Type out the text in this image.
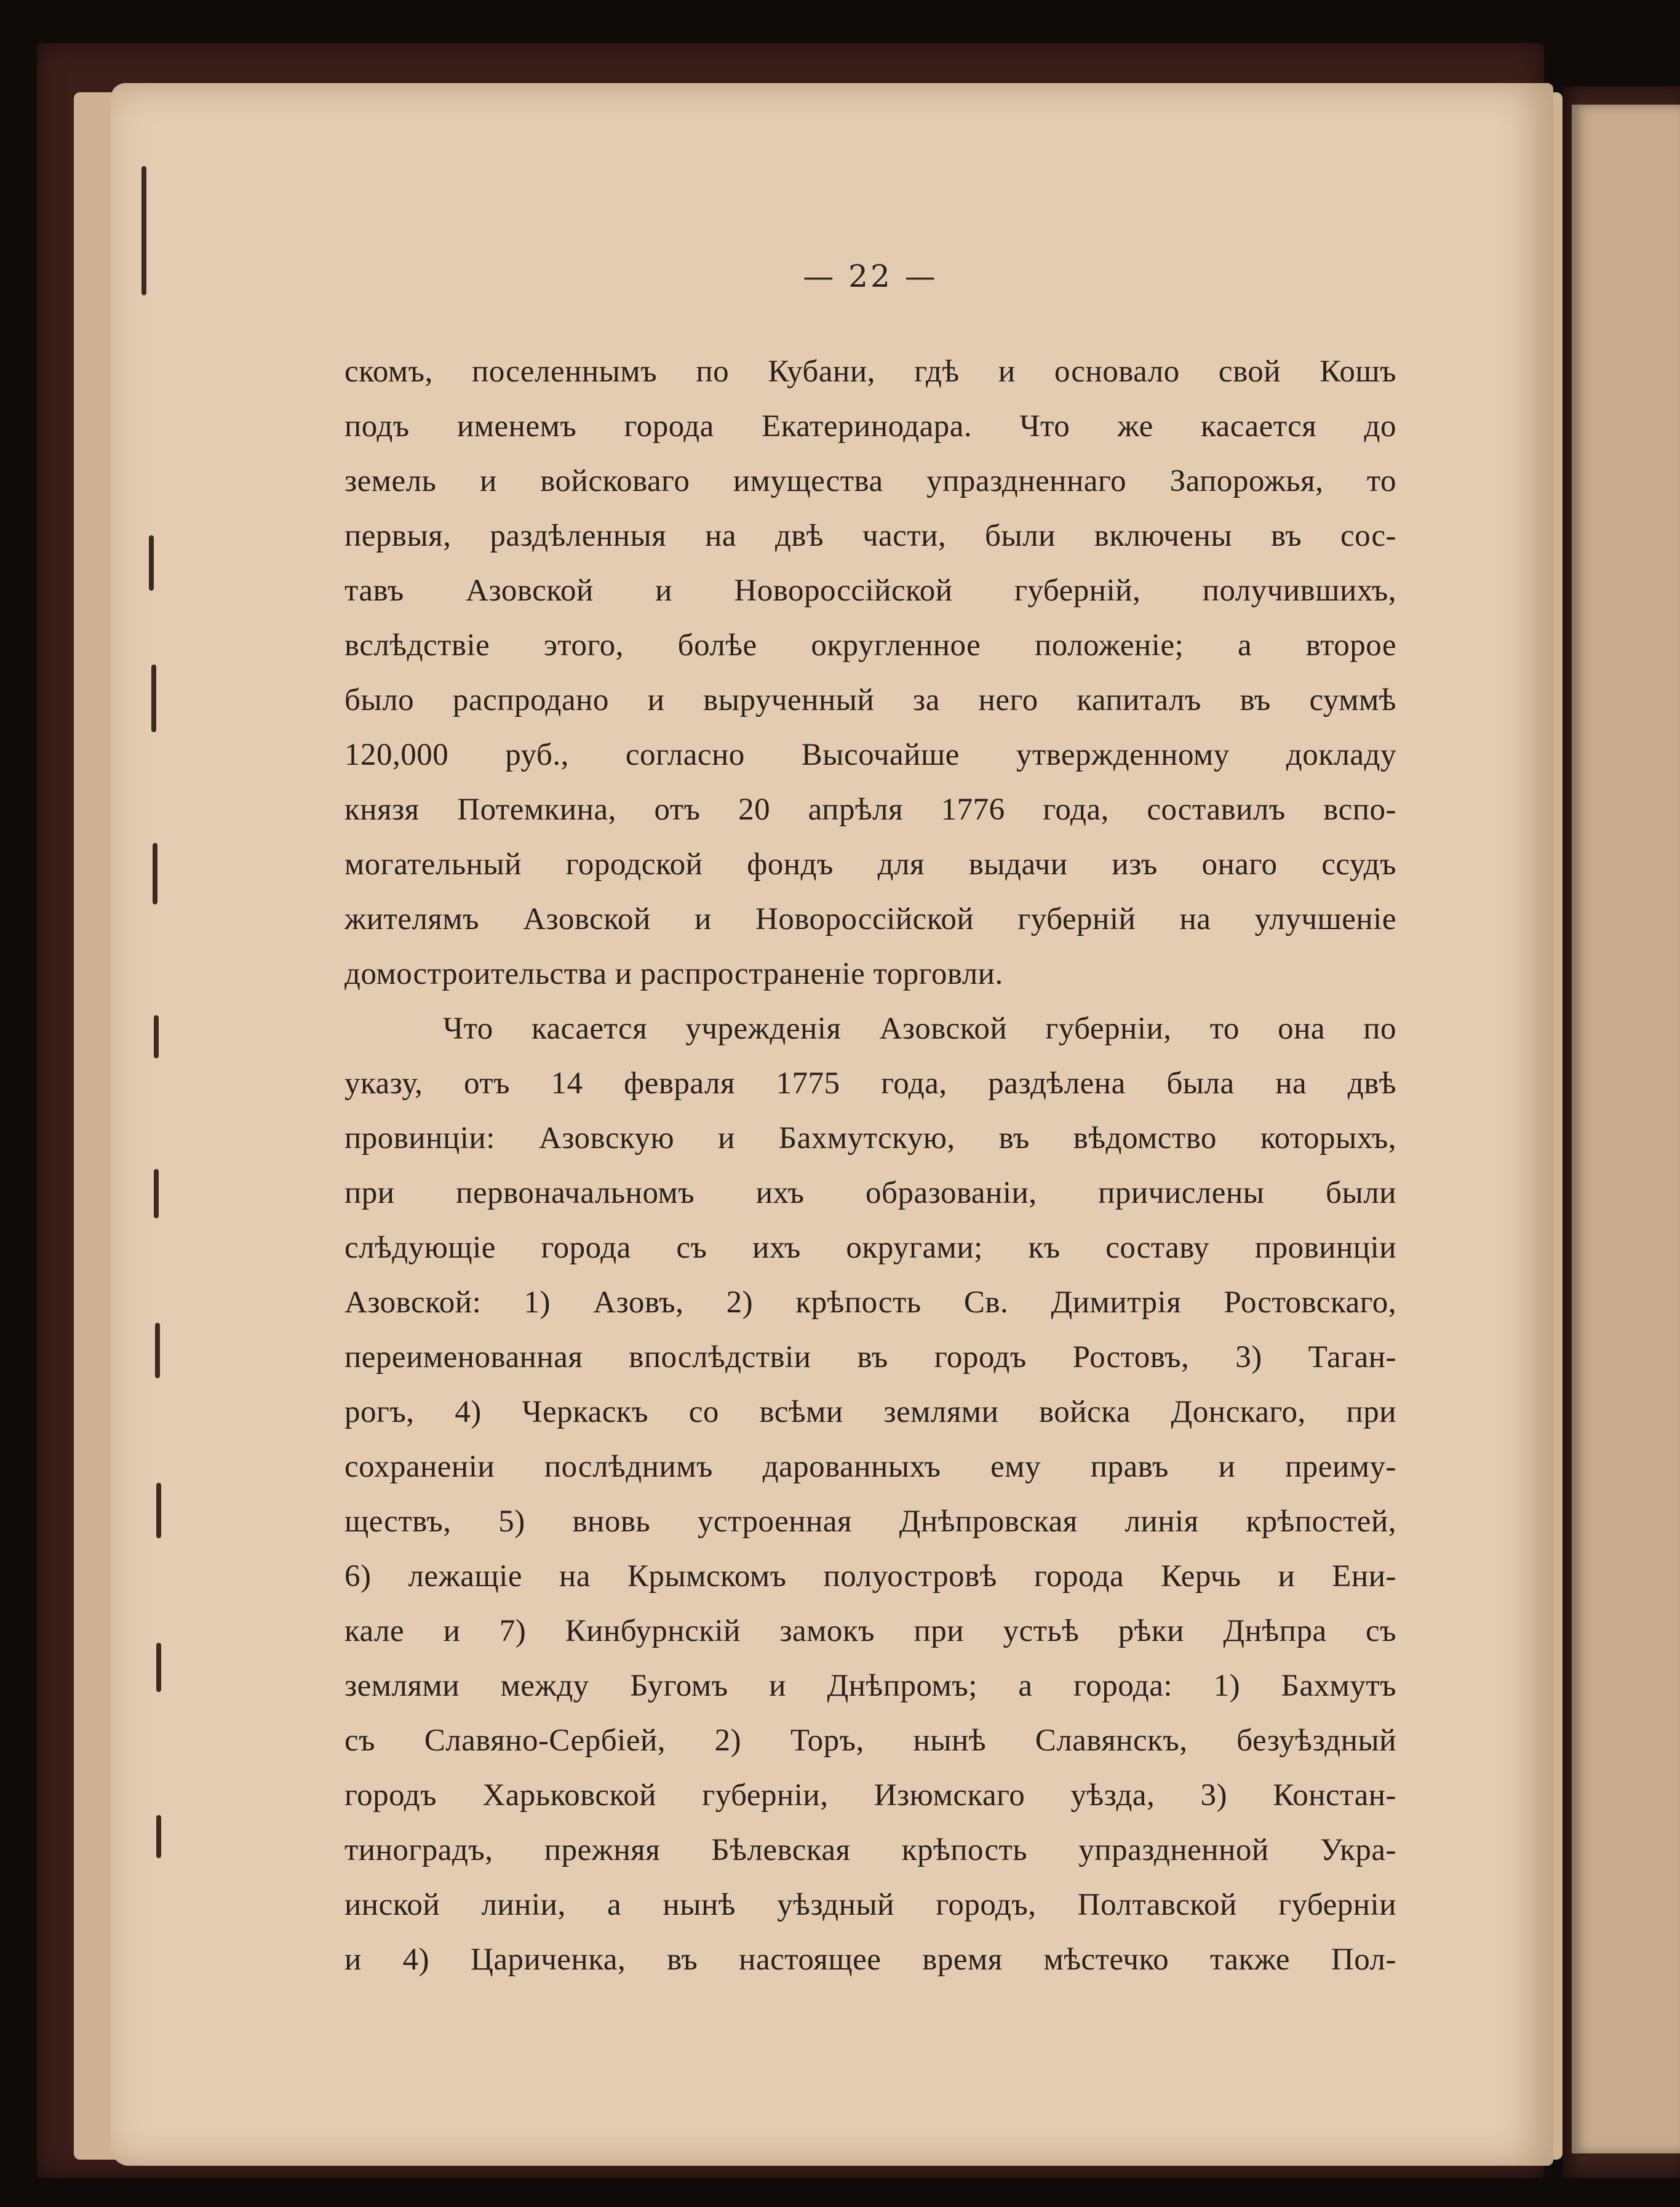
— 22 —
скомъ, поселеннымъ по Кубани, гдѣ и основало свой Кошъ
подъ именемъ города Екатеринодара. Что же касается до
земель и войсковаго имущества упраздненнаго Запорожья, то
первыя, раздѣленныя на двѣ части, были включены въ сос-
тавъ Азовской и Новороссійской губерній, получившихъ,
вслѣдствіе этого, болѣе округленное положеніе; а второе
было распродано и вырученный за него капиталъ въ суммѣ
120,000 руб., согласно Высочайше утвержденному докладу
князя Потемкина, отъ 20 апрѣля 1776 года, составилъ вспо-
могательный городской фондъ для выдачи изъ онаго ссудъ
жителямъ Азовской и Новороссійской губерній на улучшеніе
домостроительства и распространеніе торговли.
Что касается учрежденія Азовской губерніи, то она по
указу, отъ 14 февраля 1775 года, раздѣлена была на двѣ
провинціи: Азовскую и Бахмутскую, въ вѣдомство которыхъ,
при первоначальномъ ихъ образованіи, причислены были
слѣдующіе города съ ихъ округами; къ составу провинціи
Азовской: 1) Азовъ, 2) крѣпость Св. Димитрія Ростовскаго,
переименованная впослѣдствіи въ городъ Ростовъ, 3) Таган-
рогъ, 4) Черкаскъ со всѣми землями войска Донскаго, при
сохраненіи послѣднимъ дарованныхъ ему правъ и преиму-
ществъ, 5) вновь устроенная Днѣпровская линія крѣпостей,
6) лежащіе на Крымскомъ полуостровѣ города Керчь и Ени-
кале и 7) Кинбурнскій замокъ при устьѣ рѣки Днѣпра съ
землями между Бугомъ и Днѣпромъ; а города: 1) Бахмутъ
съ Славяно-Сербіей, 2) Торъ, нынѣ Славянскъ, безуѣздный
городъ Харьковской губерніи, Изюмскаго уѣзда, 3) Констан-
тиноградъ, прежняя Бѣлевская крѣпость упраздненной Укра-
инской линіи, а нынѣ уѣздный городъ, Полтавской губерніи
и 4) Цариченка, въ настоящее время мѣстечко также Пол-
